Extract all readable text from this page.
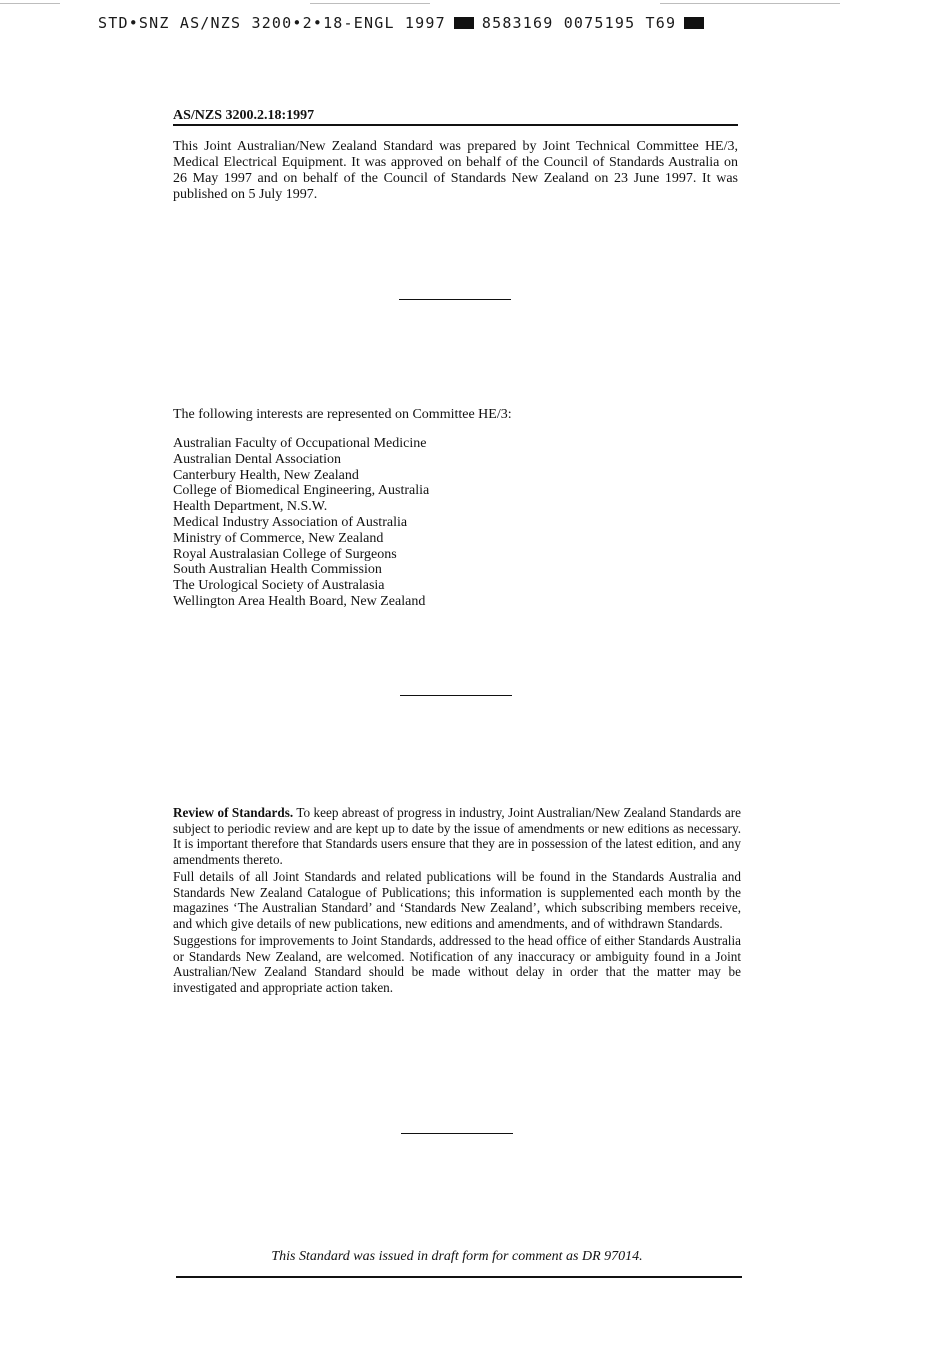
STD•SNZ AS/NZS 3200•2•18-ENGL 1997 8583169 0075195 T69
AS/NZS 3200.2.18:1997

This Joint Australian/New Zealand Standard was prepared by Joint Technical Committee HE/3, Medical Electrical Equipment. It was approved on behalf of the Council of Standards Australia on 26 May 1997 and on behalf of the Council of Standards New Zealand on 23 June 1997. It was published on 5 July 1997.

The following interests are represented on Committee HE/3:

Australian Faculty of Occupational Medicine
Australian Dental Association
Canterbury Health, New Zealand
College of Biomedical Engineering, Australia
Health Department, N.S.W.
Medical Industry Association of Australia
Ministry of Commerce, New Zealand
Royal Australasian College of Surgeons
South Australian Health Commission
The Urological Society of Australasia
Wellington Area Health Board, New Zealand

Review of Standards. To keep abreast of progress in industry, Joint Australian/New Zealand Standards are subject to periodic review and are kept up to date by the issue of amendments or new editions as necessary. It is important therefore that Standards users ensure that they are in possession of the latest edition, and any amendments thereto.

Full details of all Joint Standards and related publications will be found in the Standards Australia and Standards New Zealand Catalogue of Publications; this information is supplemented each month by the magazines ‘The Australian Standard’ and ‘Standards New Zealand’, which subscribing members receive, and which give details of new publications, new editions and amendments, and of withdrawn Standards.

Suggestions for improvements to Joint Standards, addressed to the head office of either Standards Australia or Standards New Zealand, are welcomed. Notification of any inaccuracy or ambiguity found in a Joint Australian/New Zealand Standard should be made without delay in order that the matter may be investigated and appropriate action taken.

This Standard was issued in draft form for comment as DR 97014.
